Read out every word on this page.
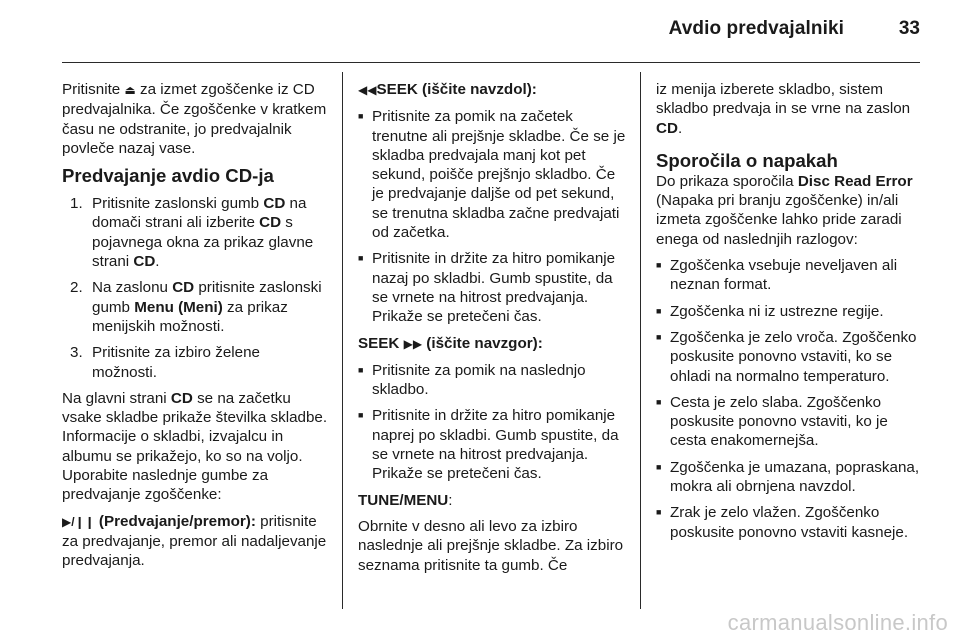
Avdio predvajalniki	33

Pritisnite ⏏ za izmet zgoščenke iz CD predvajalnika. Če zgoščenke v kratkem času ne odstranite, jo predvajalnik povleče nazaj vase.

Predvajanje avdio CD-ja
1. Pritisnite zaslonski gumb CD na domači strani ali izberite CD s pojavnega okna za prikaz glavne strani CD.
2. Na zaslonu CD pritisnite zaslonski gumb Menu (Meni) za prikaz menijskih možnosti.
3. Pritisnite za izbiro želene možnosti.

Na glavni strani CD se na začetku vsake skladbe prikaže številka skladbe. Informacije o skladbi, izvajalcu in albumu se prikažejo, ko so na voljo. Uporabite naslednje gumbe za predvajanje zgoščenke:

▶/❙❙ (Predvajanje/premor): pritisnite za predvajanje, premor ali nadaljevanje predvajanja.

◀◀SEEK (iščite navzdol):
■ Pritisnite za pomik na začetek trenutne ali prejšnje skladbe. Če se je skladba predvajala manj kot pet sekund, poišče prejšnjo skladbo. Če je predvajanje daljše od pet sekund, se trenutna skladba začne predvajati od začetka.
■ Pritisnite in držite za hitro pomikanje nazaj po skladbi. Gumb spustite, da se vrnete na hitrost predvajanja. Prikaže se pretečeni čas.
SEEK ▶▶ (iščite navzgor):
■ Pritisnite za pomik na naslednjo skladbo.
■ Pritisnite in držite za hitro pomikanje naprej po skladbi. Gumb spustite, da se vrnete na hitrost predvajanja. Prikaže se pretečeni čas.

TUNE/MENU:

Obrnite v desno ali levo za izbiro naslednje ali prejšnje skladbe. Za izbiro seznama pritisnite ta gumb. Če

iz menija izberete skladbo, sistem skladbo predvaja in se vrne na zaslon CD.

Sporočila o napakah

Do prikaza sporočila Disc Read Error (Napaka pri branju zgoščenke) in/ali izmeta zgoščenke lahko pride zaradi enega od naslednjih razlogov:

■ Zgoščenka vsebuje neveljaven ali neznan format.
■ Zgoščenka ni iz ustrezne regije.
■ Zgoščenka je zelo vroča. Zgoščenko poskusite ponovno vstaviti, ko se ohladi na normalno temperaturo.
■ Cesta je zelo slaba. Zgoščenko poskusite ponovno vstaviti, ko je cesta enakomernejša.
■ Zgoščenka je umazana, popraskana, mokra ali obrnjena navzdol.
■ Zrak je zelo vlažen. Zgoščenko poskusite ponovno vstaviti kasneje.
carmanualsonline.info
